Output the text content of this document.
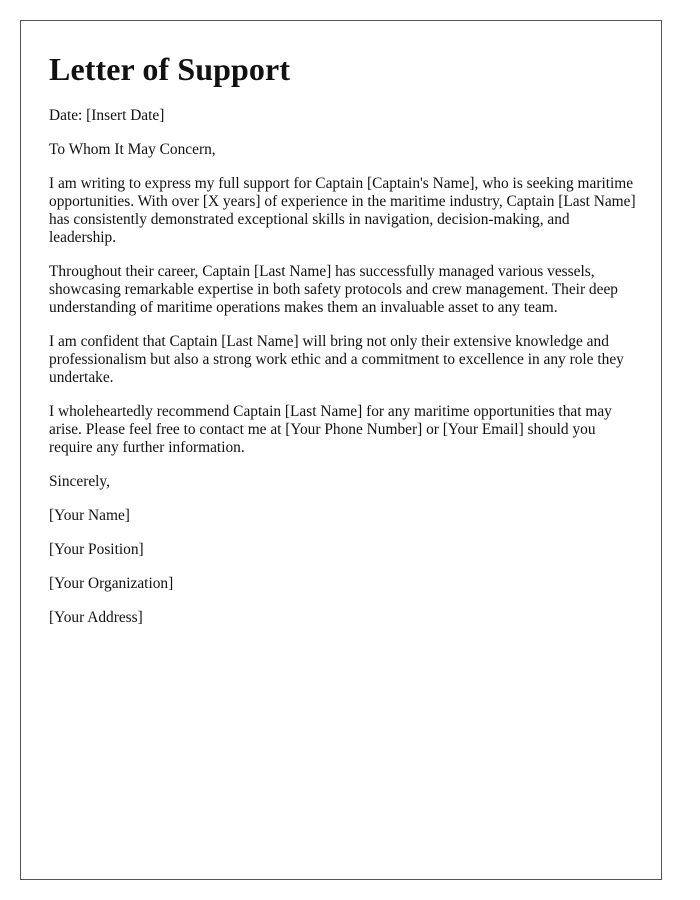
Letter of Support

Date: [Insert Date]

To Whom It May Concern,

I am writing to express my full support for Captain [Captain's Name], who is seeking maritime opportunities. With over [X years] of experience in the maritime industry, Captain [Last Name] has consistently demonstrated exceptional skills in navigation, decision-making, and leadership.

Throughout their career, Captain [Last Name] has successfully managed various vessels, showcasing remarkable expertise in both safety protocols and crew management. Their deep understanding of maritime operations makes them an invaluable asset to any team.

I am confident that Captain [Last Name] will bring not only their extensive knowledge and professionalism but also a strong work ethic and a commitment to excellence in any role they undertake.

I wholeheartedly recommend Captain [Last Name] for any maritime opportunities that may arise. Please feel free to contact me at [Your Phone Number] or [Your Email] should you require any further information.

Sincerely,

[Your Name]

[Your Position]

[Your Organization]

[Your Address]
